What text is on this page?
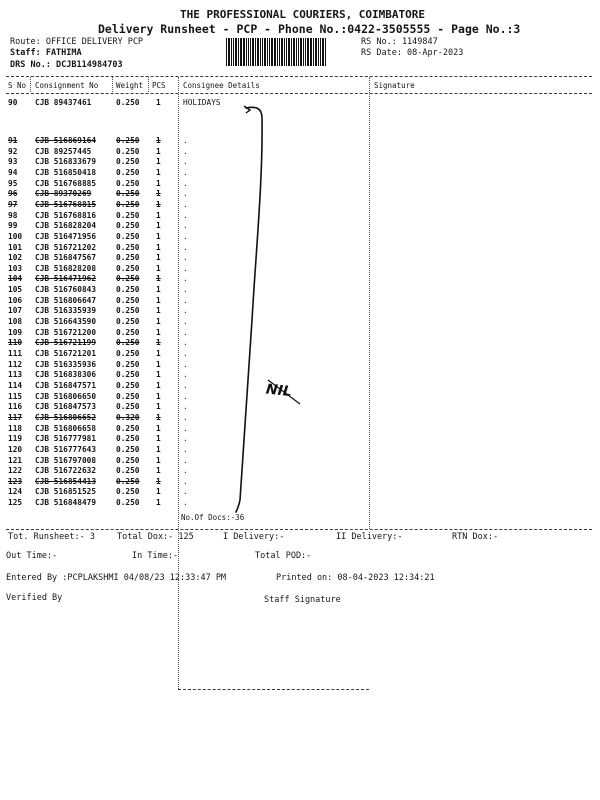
THE PROFESSIONAL COURIERS, COIMBATORE
Delivery Runsheet - PCP - Phone No.:0422-3505555 - Page No.:3
Route: OFFICE DELIVERY PCP
Staff: FATHIMA
DRS No.: DCJB114984703
RS No.: 1149847
RS Date: 08-Apr-2023
S No Consignment No Weight PCS Consignee Details	Signature
90 CJB 89437461	0.250 1	HOLIDAYS
91 CJB 516869164	0.250 1	.
92 CJB 89257445	0.250 1	.
93 CJB 516833679	0.250 1	.
94 CJB 516850418	0.250 1	.
95 CJB 516768885	0.250 1	.
96 CJB 89370269	0.250 1	.
97 CJB 516768815	0.250 1	.
98 CJB 516768816	0.250 1	.
99 CJB 516828204	0.250 1	.
100 CJB 516471956	0.250 1	.
101 CJB 516721202	0.250 1	.
102 CJB 516847567	0.250 1	.
103 CJB 516828208	0.250 1	.
104 CJB 516471962	0.250 1	.
105 CJB 516760843	0.250 1	.
106 CJB 516806647	0.250 1	.
107 CJB 516335939	0.250 1	.
108 CJB 516643590	0.250 1	.
109 CJB 516721200	0.250 1	.
110 CJB 516721199	0.250 1	.
111 CJB 516721201	0.250 1	.
112 CJB 516335936	0.250 1	.
113 CJB 516838306	0.250 1	.
114 CJB 516847571	0.250 1	.
115 CJB 516806650	0.250 1	.
116 CJB 516847573	0.250 1	.
117 CJB 516806652	0.320 1	.
118 CJB 516806658	0.250 1	.
119 CJB 516777981	0.250 1	.
120 CJB 516777643	0.250 1	.
121 CJB 516797008	0.250 1	.
122 CJB 516722632	0.250 1	.
123 CJB 516854413	0.250 1	.
124 CJB 516851525	0.250 1	.
125 CJB 516848479	0.250 1	.
No.Of Docs:-36
Tot. Runsheet:- 3	Total Dox:- 125	I Delivery:-	II Delivery:-	RTN Dox:-
Out Time:-	In Time:-	Total POD:-
Entered By :PCPLAKSHMI 04/08/23 12:33:47 PM	Printed on: 08-04-2023 12:34:21
Verified By	Staff Signature
NIL
